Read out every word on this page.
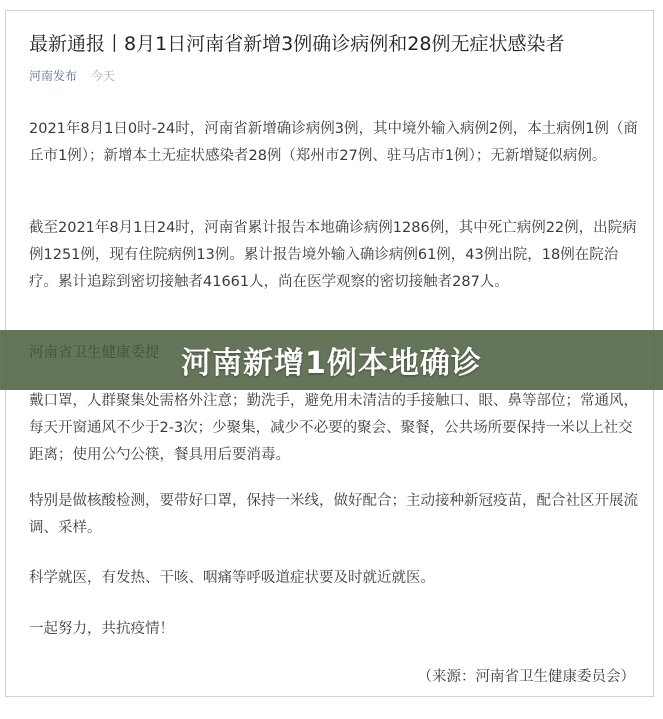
最新通报丨8月1日河南省新增3例确诊病例和28例无症状感染者
河南发布 今天

2021年8月1日0时-24时，河南省新增确诊病例3例，其中境外输入病例2例，本土病例1例（商丘市1例）；新增本土无症状感染者28例（郑州市27例、驻马店市1例）；无新增疑似病例。

截至2021年8月1日24时，河南省累计报告本地确诊病例1286例，其中死亡病例22例，出院病例1251例，现有住院病例13例。累计报告境外输入确诊病例61例，43例出院，18例在院治疗。累计追踪到密切接触者41661人，尚在医学观察的密切接触者287人。

戴口罩，人群聚集处需格外注意；勤洗手，避免用未清洁的手接触口、眼、鼻等部位；常通风，每天开窗通风不少于2-3次；少聚集，减少不必要的聚会、聚餐，公共场所要保持一米以上社交距离；使用公勺公筷，餐具用后要消毒。

特别是做核酸检测，要带好口罩，保持一米线，做好配合；主动接种新冠疫苗，配合社区开展流调、采样。

科学就医，有发热、干咳、咽痛等呼吸道症状要及时就近就医。

一起努力，共抗疫情！

（来源：河南省卫生健康委员会）
河南新增1例本地确诊
